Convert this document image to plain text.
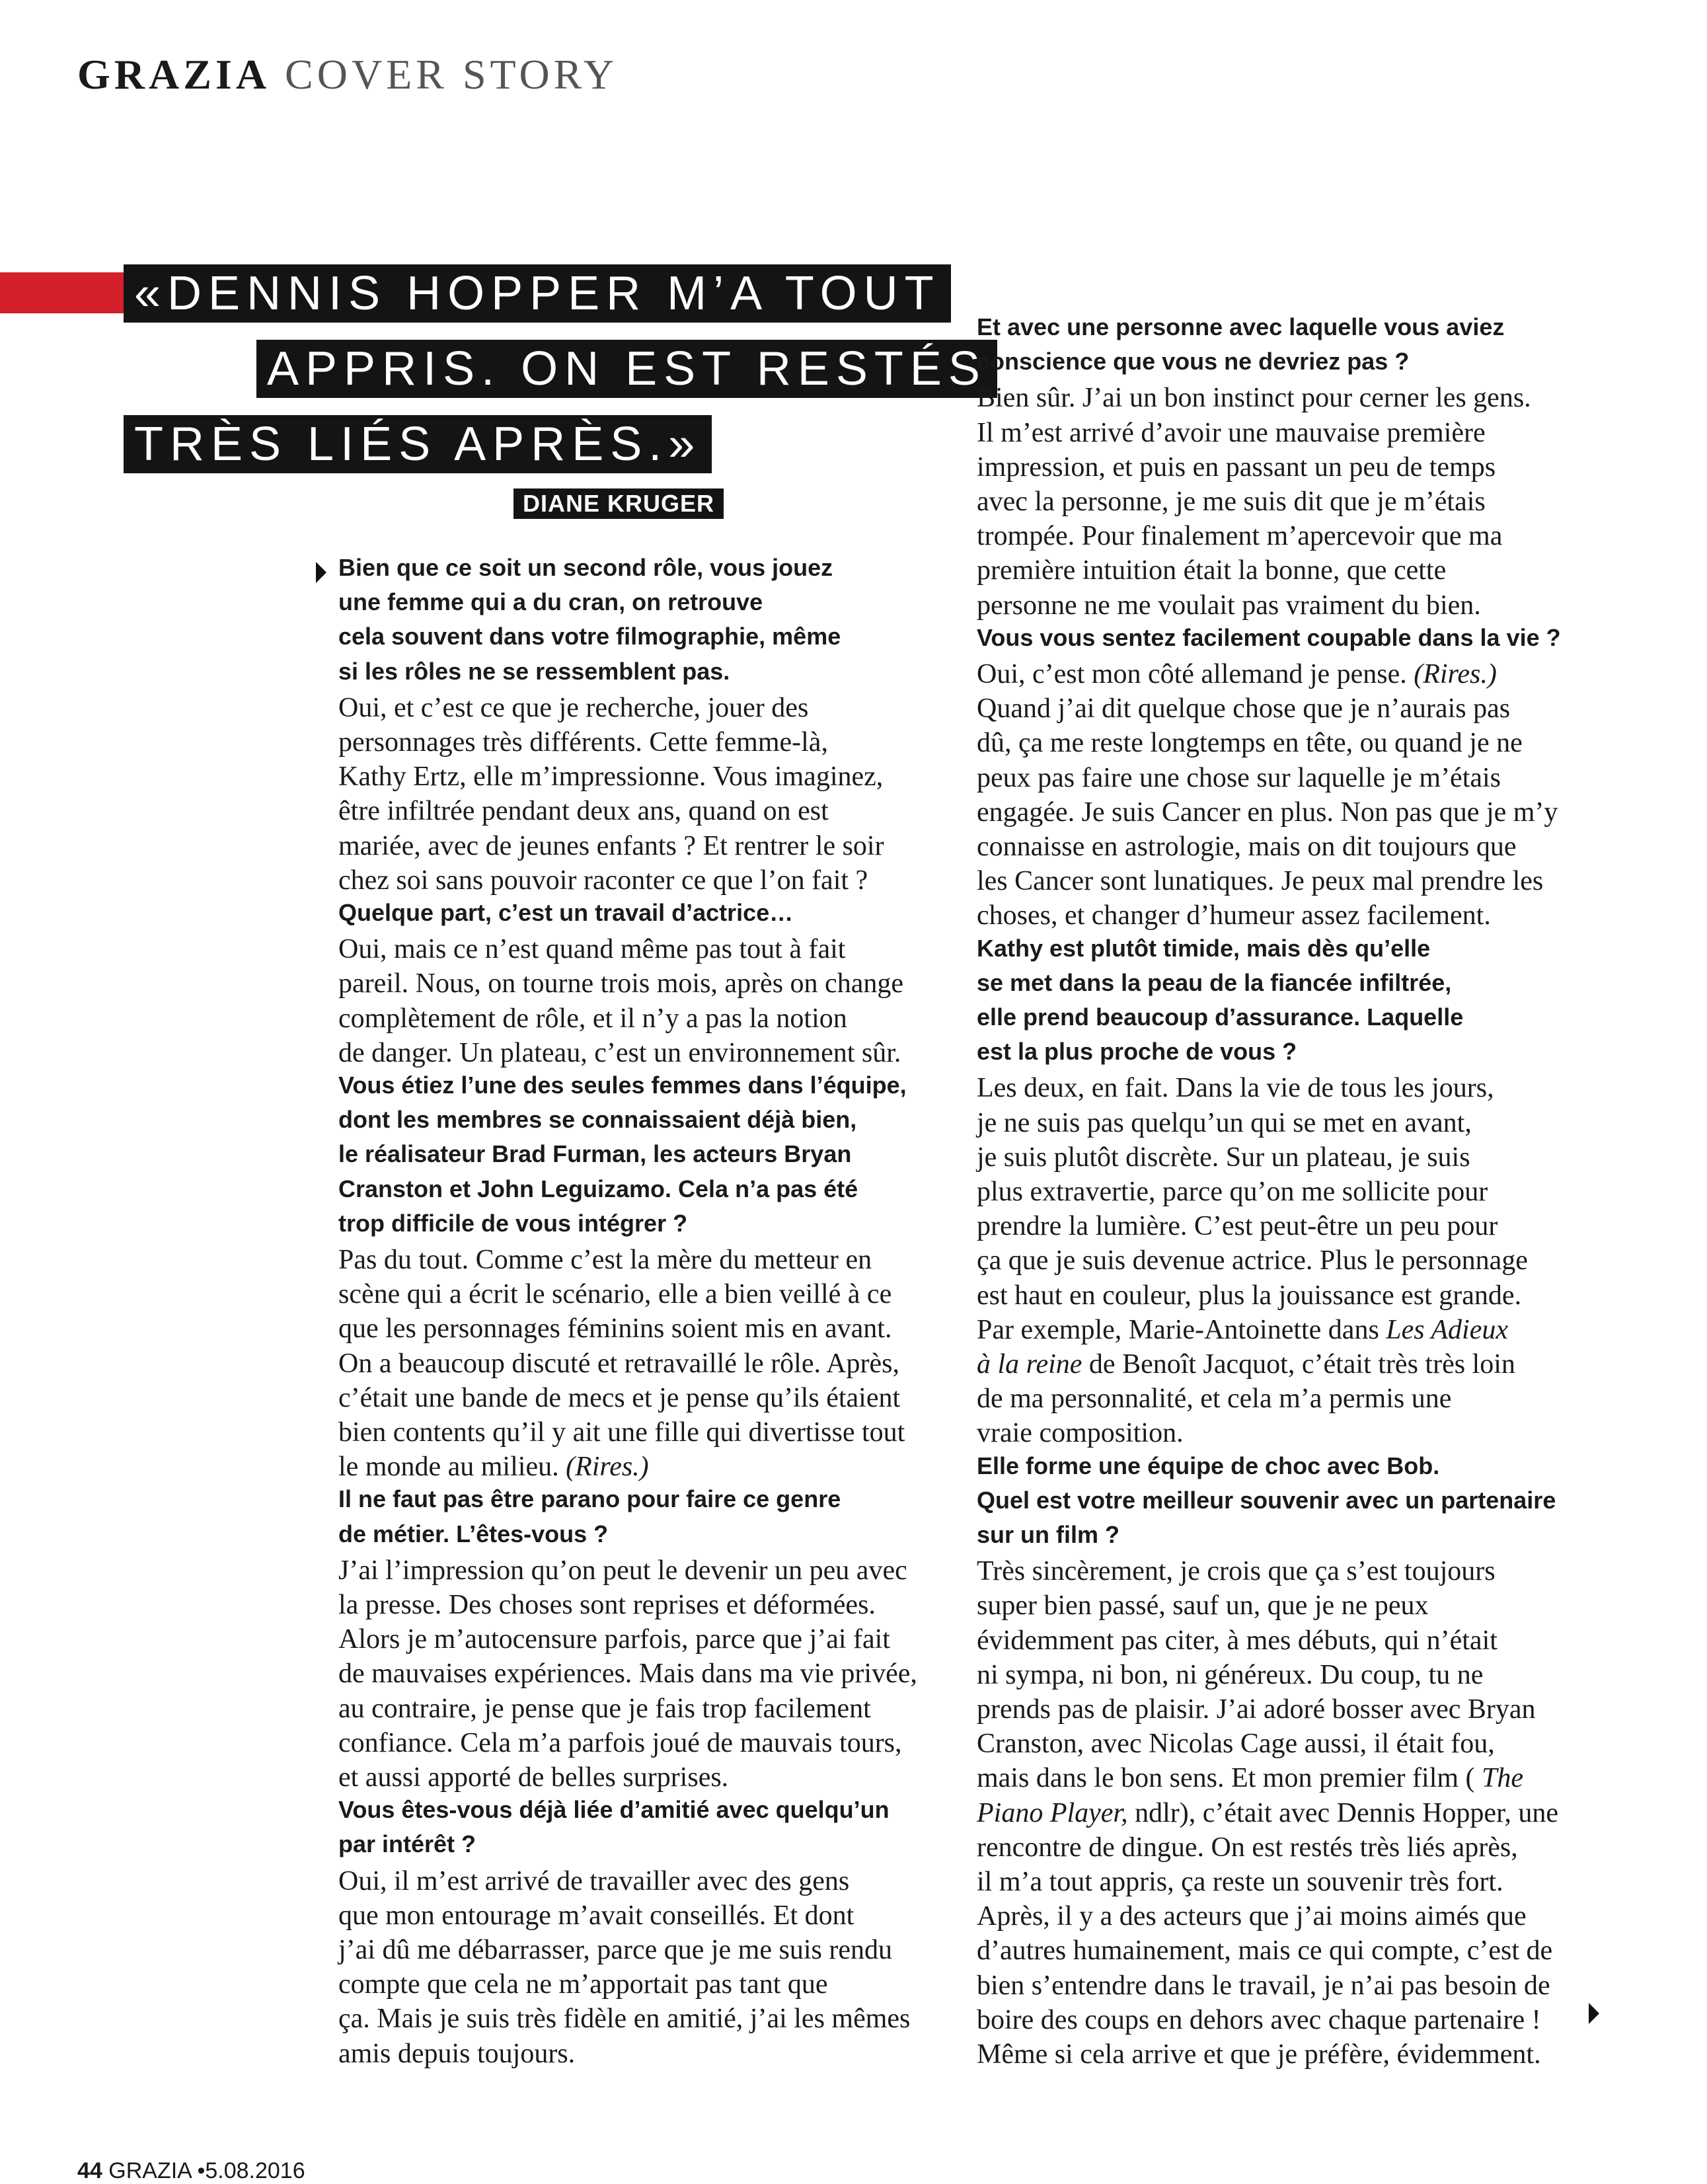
GRAZIA COVER STORY
«DENNIS HOPPER M’A TOUT
APPRIS. ON EST RESTÉS
TRÈS LIÉS APRÈS.»
DIANE KRUGER
Bien que ce soit un second rôle, vous jouez
une femme qui a du cran, on retrouve
cela souvent dans votre filmographie, même
si les rôles ne se ressemblent pas.
Oui, et c’est ce que je recherche, jouer des
personnages très différents. Cette femme-là,
Kathy Ertz, elle m’impressionne. Vous imaginez,
être infiltrée pendant deux ans, quand on est
mariée, avec de jeunes enfants ? Et rentrer le soir
chez soi sans pouvoir raconter ce que l’on fait ?
Quelque part, c’est un travail d’actrice…
Oui, mais ce n’est quand même pas tout à fait
pareil. Nous, on tourne trois mois, après on change
complètement de rôle, et il n’y a pas la notion
de danger. Un plateau, c’est un environnement sûr.
Vous étiez l’une des seules femmes dans l’équipe,
dont les membres se connaissaient déjà bien,
le réalisateur Brad Furman, les acteurs Bryan
Cranston et John Leguizamo. Cela n’a pas été
trop difficile de vous intégrer ?
Pas du tout. Comme c’est la mère du metteur en
scène qui a écrit le scénario, elle a bien veillé à ce
que les personnages féminins soient mis en avant.
On a beaucoup discuté et retravaillé le rôle. Après,
c’était une bande de mecs et je pense qu’ils étaient
bien contents qu’il y ait une fille qui divertisse tout
le monde au milieu. (Rires.)
Il ne faut pas être parano pour faire ce genre
de métier. L’êtes-vous ?
J’ai l’impression qu’on peut le devenir un peu avec
la presse. Des choses sont reprises et déformées.
Alors je m’autocensure parfois, parce que j’ai fait
de mauvaises expériences. Mais dans ma vie privée,
au contraire, je pense que je fais trop facilement
confiance. Cela m’a parfois joué de mauvais tours,
et aussi apporté de belles surprises.
Vous êtes-vous déjà liée d’amitié avec quelqu’un
par intérêt ?
Oui, il m’est arrivé de travailler avec des gens
que mon entourage m’avait conseillés. Et dont
j’ai dû me débarrasser, parce que je me suis rendu
compte que cela ne m’apportait pas tant que
ça. Mais je suis très fidèle en amitié, j’ai les mêmes
amis depuis toujours.
Et avec une personne avec laquelle vous aviez
conscience que vous ne devriez pas ?
Bien sûr. J’ai un bon instinct pour cerner les gens.
Il m’est arrivé d’avoir une mauvaise première
impression, et puis en passant un peu de temps
avec la personne, je me suis dit que je m’étais
trompée. Pour finalement m’apercevoir que ma
première intuition était la bonne, que cette
personne ne me voulait pas vraiment du bien.
Vous vous sentez facilement coupable dans la vie ?
Oui, c’est mon côté allemand je pense. (Rires.)
Quand j’ai dit quelque chose que je n’aurais pas
dû, ça me reste longtemps en tête, ou quand je ne
peux pas faire une chose sur laquelle je m’étais
engagée. Je suis Cancer en plus. Non pas que je m’y
connaisse en astrologie, mais on dit toujours que
les Cancer sont lunatiques. Je peux mal prendre les
choses, et changer d’humeur assez facilement.
Kathy est plutôt timide, mais dès qu’elle
se met dans la peau de la fiancée infiltrée,
elle prend beaucoup d’assurance. Laquelle
est la plus proche de vous ?
Les deux, en fait. Dans la vie de tous les jours,
je ne suis pas quelqu’un qui se met en avant,
je suis plutôt discrète. Sur un plateau, je suis
plus extravertie, parce qu’on me sollicite pour
prendre la lumière. C’est peut-être un peu pour
ça que je suis devenue actrice. Plus le personnage
est haut en couleur, plus la jouissance est grande.
Par exemple, Marie-Antoinette dans Les Adieux
à la reine de Benoît Jacquot, c’était très très loin
de ma personnalité, et cela m’a permis une
vraie composition.
Elle forme une équipe de choc avec Bob.
Quel est votre meilleur souvenir avec un partenaire
sur un film ?
Très sincèrement, je crois que ça s’est toujours
super bien passé, sauf un, que je ne peux
évidemment pas citer, à mes débuts, qui n’était
ni sympa, ni bon, ni généreux. Du coup, tu ne
prends pas de plaisir. J’ai adoré bosser avec Bryan
Cranston, avec Nicolas Cage aussi, il était fou,
mais dans le bon sens. Et mon premier film ( The
Piano Player, ndlr), c’était avec Dennis Hopper, une
rencontre de dingue. On est restés très liés après,
il m’a tout appris, ça reste un souvenir très fort.
Après, il y a des acteurs que j’ai moins aimés que
d’autres humainement, mais ce qui compte, c’est de
bien s’entendre dans le travail, je n’ai pas besoin de
boire des coups en dehors avec chaque partenaire !
Même si cela arrive et que je préfère, évidemment.
44 GRAZIA •5.08.2016
